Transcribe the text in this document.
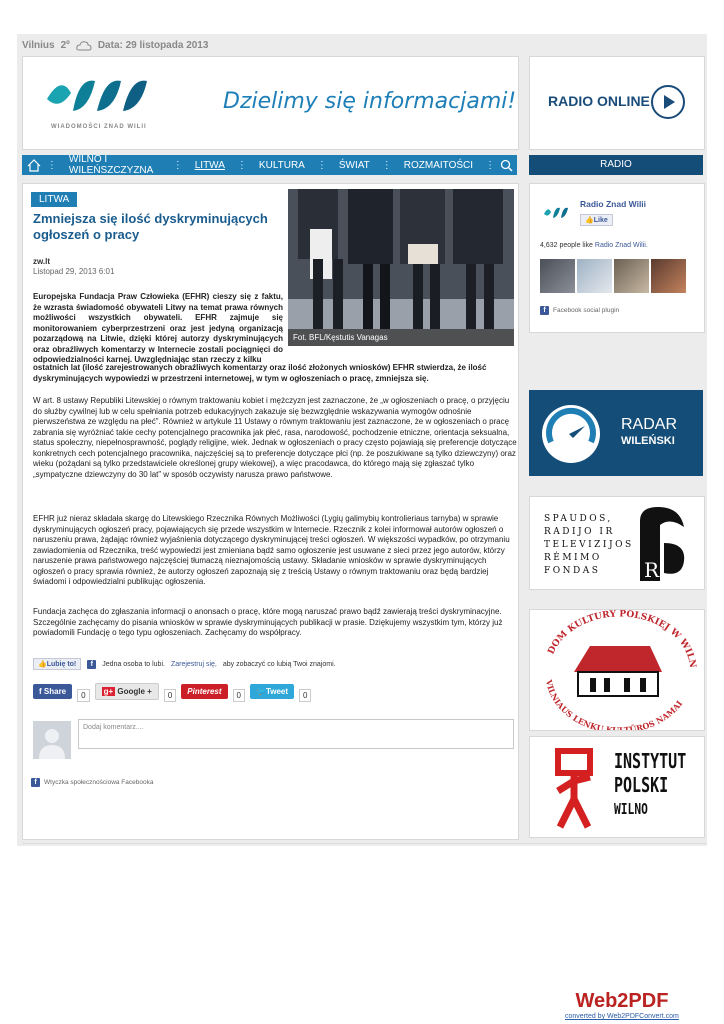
Vilnius 2º	Data: 29 listopada 2013
WIADOMOŚCI ZNAD WILII
Dzielimy się informacjami! RADIO ONLINE
⋮	WILNO I WILEŃSZCZYZNA	⋮	LITWA	⋮	KULTURA	⋮	ŚWIAT	⋮	ROZMAITOŚCI	⋮	RADIO
LITWA
Zmniejsza się ilość dyskryminujących ogłoszeń o pracy
zw.lt
Listopad 29, 2013 6:01
Fot. BFL/Kęstutis Vanagas
Europejska Fundacja Praw Człowieka (EFHR) cieszy się z faktu, że wzrasta świadomość obywateli Litwy na temat prawa równych możliwości wszystkich obywateli. EFHR zajmuje się monitorowaniem cyberprzestrzeni oraz jest jedyną organizacją pozarządową na Litwie, dzięki której autorzy dyskryminujących oraz obraźliwych komentarzy w Internecie zostali pociągnięci do odpowiedzialności karnej. Uwzględniając stan rzeczy z kilku
ostatnich lat (ilość zarejestrowanych obraźliwych komentarzy oraz ilość złożonych wniosków) EFHR stwierdza, że ilość dyskryminujących wypowiedzi w przestrzeni internetowej, w tym w ogłoszeniach o pracę, zmniejsza się.
W art. 8 ustawy Republiki Litewskiej o równym traktowaniu kobiet i mężczyzn jest zaznaczone, że „w ogłoszeniach o pracę, o przyjęciu do służby cywilnej lub w celu spełniania potrzeb edukacyjnych zakazuje się bezwzględnie wskazywania wymogów odnośnie pierwszeństwa ze względu na płeć”. Również w artykule 11 Ustawy o równym traktowaniu jest zaznaczone, że w ogłoszeniach o pracę zabrania się wyróżniać takie cechy potencjalnego pracownika jak płeć, rasa, narodowość, pochodzenie etniczne, orientacja seksualna, status społeczny, niepełnosprawność, poglądy religijne, wiek. Jednak w ogłoszeniach o pracy często pojawiają się preferencje dotyczące konkretnych cech potencjalnego pracownika, najczęściej są to preferencje dotyczące płci (np. że poszukiwane są tylko dziewczyny) oraz wieku (pożądani są tylko przedstawiciele określonej grupy wiekowej), a więc pracodawca, do którego mają się zgłaszać tylko „sympatyczne dziewczyny do 30 lat” w sposób oczywisty narusza prawo państwowe.
EFHR już nieraz składała skargę do Litewskiego Rzecznika Równych Możliwości (Lygių galimybių kontrolieriaus tarnyba) w sprawie dyskryminujących ogłoszeń pracy, pojawiających się przede wszystkim w Internecie. Rzecznik z kolei informował autorów ogłoszeń o naruszeniu prawa, żądając również wyjaśnienia dotyczącego dyskryminującej treści ogłoszeń. W większości wypadków, po otrzymaniu zawiadomienia od Rzecznika, treść wypowiedzi jest zmieniana bądź samo ogłoszenie jest usuwane z sieci przez jego autorów, którzy naruszenie prawa państwowego najczęściej tłumaczą nieznajomością ustawy. Składanie wniosków w sprawie dyskryminujących ogłoszeń o pracy sprawia również, że autorzy ogłoszeń zapoznają się z treścią Ustawy o równym traktowaniu oraz będą bardziej świadomi i odpowiedzialni publikując ogłoszenia.
Fundacja zachęca do zgłaszania informacji o anonsach o pracę, które mogą naruszać prawo bądź zawierają treści dyskryminacyjne. Szczególnie zachęcamy do pisania wniosków w sprawie dyskryminujących publikacji w prasie. Dziękujemy wszystkim tym, którzy już powiadomili Fundację o tego typu ogłoszeniach. Zachęcamy do współpracy.
👍Lubię to!	f	Jedna osoba to lubi. Zarejestruj się, aby zobaczyć co lubią Twoi znajomi.
f Share	0	g+ Google +	0	Pinterest	0	🐦Tweet	0
Dodaj komentarz....
f	Wtyczka społecznościowa Facebooka
Radio Znad Wilii
👍Like
4,632 people like Radio Znad Wilii.
f	Facebook social plugin
RADAR
WILEŃSKI
SPAUDOS,
RADIJO IR
TELEVIZIJOS
RĖMIMO
FONDAS	R
DOM KULTURY POLSKIEJ W WILN
VILNIAUS LENKŲ K TŪROS NAMAI
INSTYTUT
POLSKI
WILNO
Web2PDF
converted by Web2PDFConvert.com
